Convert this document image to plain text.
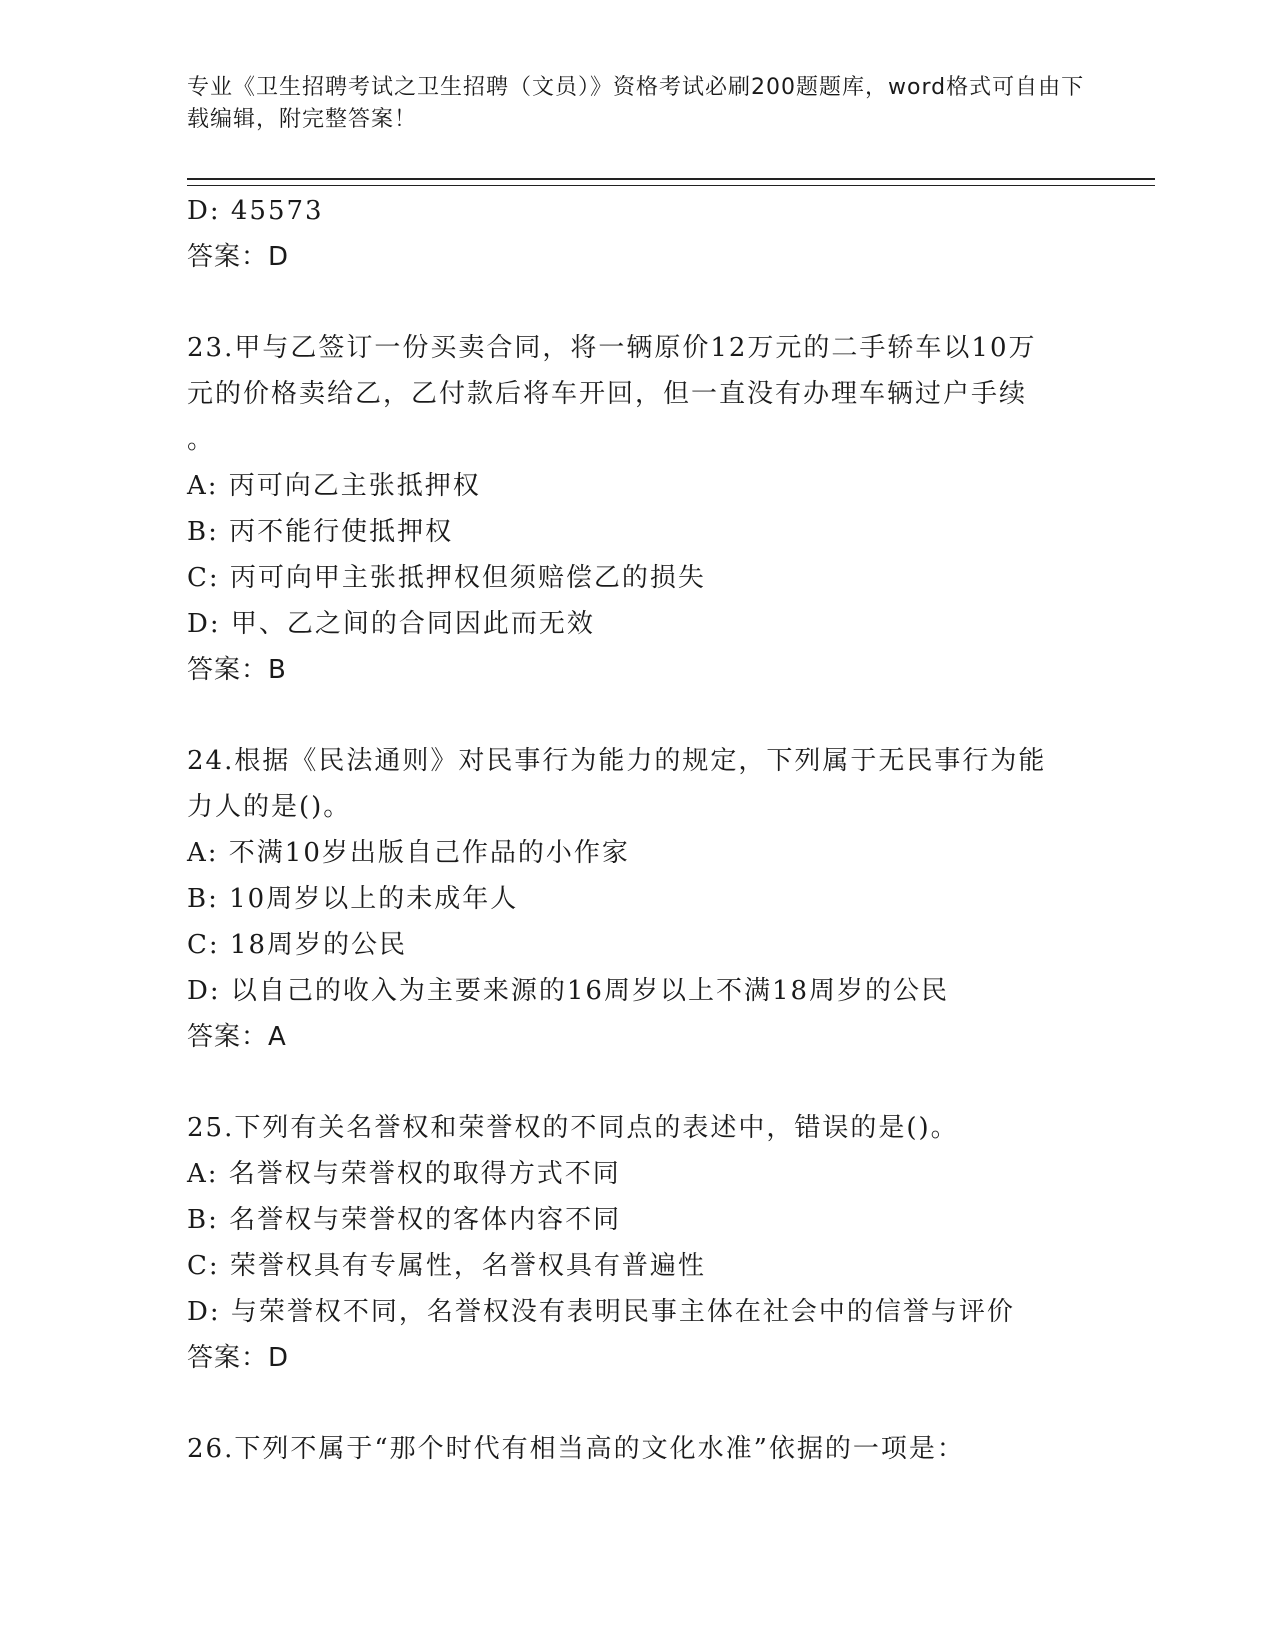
专业《卫生招聘考试之卫生招聘（文员）》资格考试必刷200题题库，word格式可自由下载编辑，附完整答案！
D: 45573
答案：D
23.甲与乙签订一份买卖合同，将一辆原价12万元的二手轿车以10万
元的价格卖给乙，乙付款后将车开回，但一直没有办理车辆过户手续
。
A: 丙可向乙主张抵押权
B: 丙不能行使抵押权
C: 丙可向甲主张抵押权但须赔偿乙的损失
D: 甲、乙之间的合同因此而无效
答案：B
24.根据《民法通则》对民事行为能力的规定，下列属于无民事行为能
力人的是()。
A: 不满10岁出版自己作品的小作家
B: 10周岁以上的未成年人
C: 18周岁的公民
D: 以自己的收入为主要来源的16周岁以上不满18周岁的公民
答案：A
25.下列有关名誉权和荣誉权的不同点的表述中，错误的是()。
A: 名誉权与荣誉权的取得方式不同
B: 名誉权与荣誉权的客体内容不同
C: 荣誉权具有专属性，名誉权具有普遍性
D: 与荣誉权不同，名誉权没有表明民事主体在社会中的信誉与评价
答案：D
26.下列不属于“那个时代有相当高的文化水准”依据的一项是：
